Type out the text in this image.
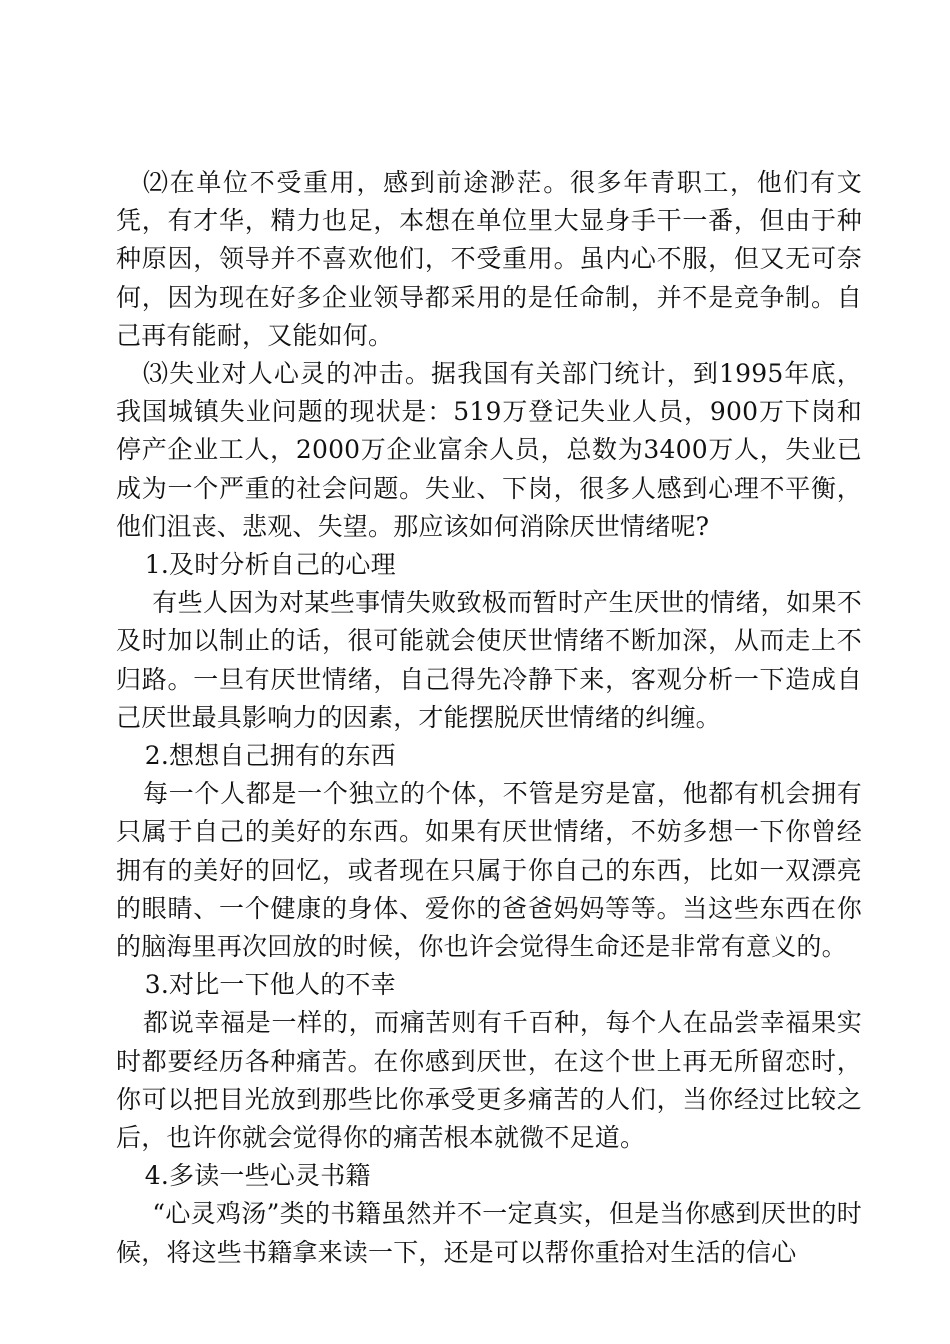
⑵在单位不受重用，感到前途渺茫。很多年青职工，他们有文凭，有才华，精力也足，本想在单位里大显身手干一番，但由于种种原因，领导并不喜欢他们，不受重用。虽内心不服，但又无可奈何，因为现在好多企业领导都采用的是任命制，并不是竞争制。自己再有能耐，又能如何。

⑶失业对人心灵的冲击。据我国有关部门统计，到1995年底，我国城镇失业问题的现状是：519万登记失业人员，900万下岗和停产企业工人，2000万企业富余人员，总数为3400万人，失业已成为一个严重的社会问题。失业、下岗，很多人感到心理不平衡，他们沮丧、悲观、失望。那应该如何消除厌世情绪呢?

1.及时分析自己的心理

有些人因为对某些事情失败致极而暂时产生厌世的情绪，如果不及时加以制止的话，很可能就会使厌世情绪不断加深，从而走上不归路。一旦有厌世情绪，自己得先冷静下来，客观分析一下造成自己厌世最具影响力的因素，才能摆脱厌世情绪的纠缠。

2.想想自己拥有的东西

每一个人都是一个独立的个体，不管是穷是富，他都有机会拥有只属于自己的美好的东西。如果有厌世情绪，不妨多想一下你曾经拥有的美好的回忆，或者现在只属于你自己的东西，比如一双漂亮的眼睛、一个健康的身体、爱你的爸爸妈妈等等。当这些东西在你的脑海里再次回放的时候，你也许会觉得生命还是非常有意义的。

3.对比一下他人的不幸

都说幸福是一样的，而痛苦则有千百种，每个人在品尝幸福果实时都要经历各种痛苦。在你感到厌世，在这个世上再无所留恋时，你可以把目光放到那些比你承受更多痛苦的人们，当你经过比较之后，也许你就会觉得你的痛苦根本就微不足道。

4.多读一些心灵书籍

“心灵鸡汤”类的书籍虽然并不一定真实，但是当你感到厌世的时候，将这些书籍拿来读一下，还是可以帮你重拾对生活的信心
